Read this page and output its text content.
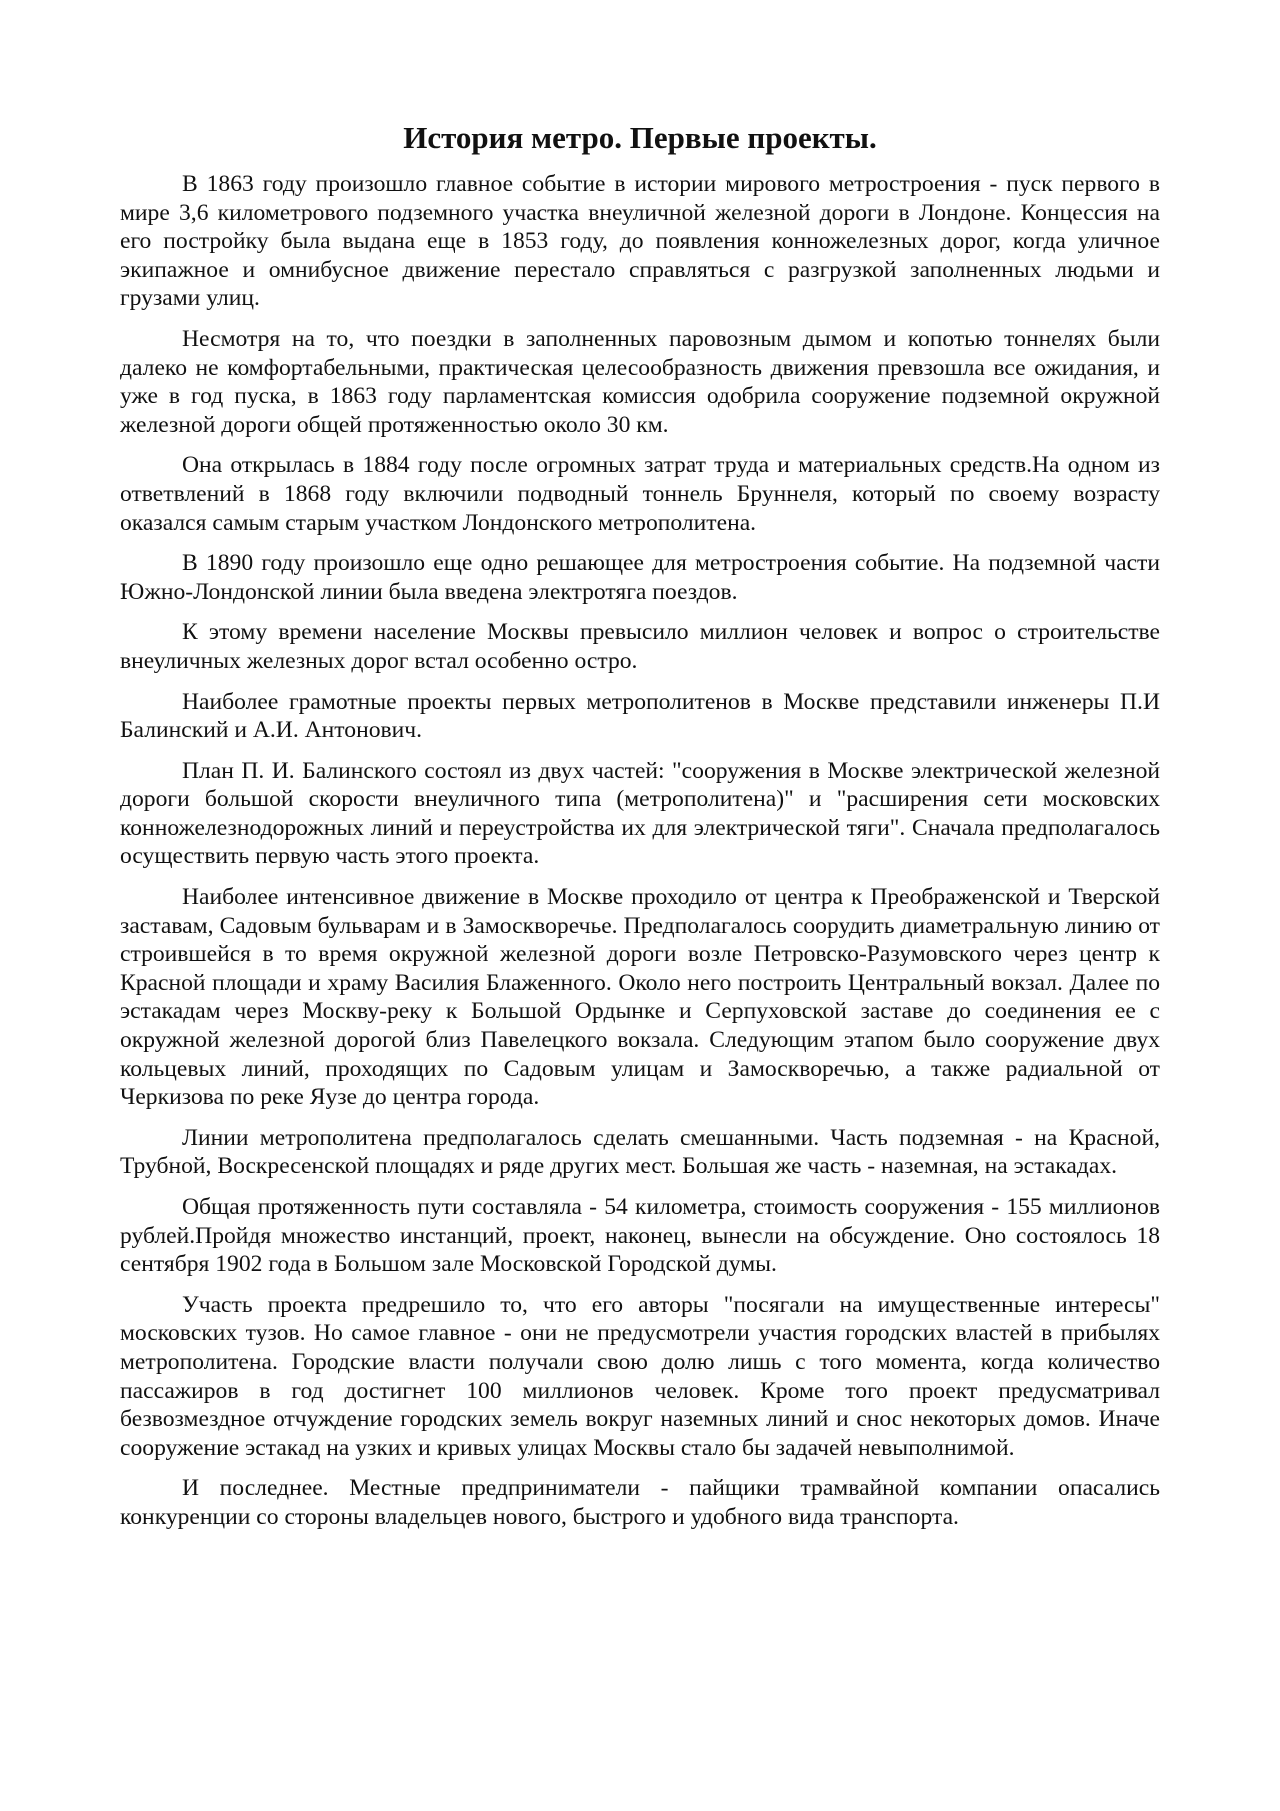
История метро. Первые проекты.

В 1863 году произошло главное событие в истории мирового метростроения - пуск первого в мире 3,6 километрового подземного участка внеуличной железной дороги в Лондоне. Концессия на его постройку была выдана еще в 1853 году, до появления конножелезных дорог, когда уличное экипажное и омнибусное движение перестало справляться с разгрузкой заполненных людьми и грузами улиц.

Несмотря на то, что поездки в заполненных паровозным дымом и копотью тоннелях были далеко не комфортабельными, практическая целесообразность движения превзошла все ожидания, и уже в год пуска, в 1863 году парламентская комиссия одобрила сооружение подземной окружной железной дороги общей протяженностью около 30 км.

Она открылась в 1884 году после огромных затрат труда и материальных средств.На одном из ответвлений в 1868 году включили подводный тоннель Бруннеля, который по своему возрасту оказался самым старым участком Лондонского метрополитена.

В 1890 году произошло еще одно решающее для метростроения событие. На подземной части Южно-Лондонской линии была введена электротяга поездов.

К этому времени население Москвы превысило миллион человек и вопрос о строительстве внеуличных железных дорог встал особенно остро.

Наиболее грамотные проекты первых метрополитенов в Москве представили инженеры П.И Балинский и А.И. Антонович.

План П. И. Балинского состоял из двух частей: "сооружения в Москве электрической железной дороги большой скорости внеуличного типа (метрополитена)" и "расширения сети московских конножелезнодорожных линий и переустройства их для электрической тяги". Сначала предполагалось осуществить первую часть этого проекта.

Наиболее интенсивное движение в Москве проходило от центра к Преображенской и Тверской заставам, Садовым бульварам и в Замоскворечье. Предполагалось соорудить диаметральную линию от строившейся в то время окружной железной дороги возле Петровско-Разумовского через центр к Красной площади и храму Василия Блаженного. Около него построить Центральный вокзал. Далее по эстакадам через Москву-реку к Большой Ордынке и Серпуховской заставе до соединения ее с окружной железной дорогой близ Павелецкого вокзала. Следующим этапом было сооружение двух кольцевых линий, проходящих по Садовым улицам и Замоскворечью, а также радиальной от Черкизова по реке Яузе до центра города.

Линии метрополитена предполагалось сделать смешанными. Часть подземная - на Красной, Трубной, Воскресенской площадях и ряде других мест. Большая же часть - наземная, на эстакадах.

Общая протяженность пути составляла - 54 километра, стоимость сооружения - 155 миллионов рублей.Пройдя множество инстанций, проект, наконец, вынесли на обсуждение. Оно состоялось 18 сентября 1902 года в Большом зале Московской Городской думы.

Участь проекта предрешило то, что его авторы "посягали на имущественные интересы" московских тузов. Но самое главное - они не предусмотрели участия городских властей в прибылях метрополитена. Городские власти получали свою долю лишь с того момента, когда количество пассажиров в год достигнет 100 миллионов человек. Кроме того проект предусматривал безвозмездное отчуждение городских земель вокруг наземных линий и снос некоторых домов. Иначе сооружение эстакад на узких и кривых улицах Москвы стало бы задачей невыполнимой.

И последнее. Местные предприниматели - пайщики трамвайной компании опасались конкуренции со стороны владельцев нового, быстрого и удобного вида транспорта.
